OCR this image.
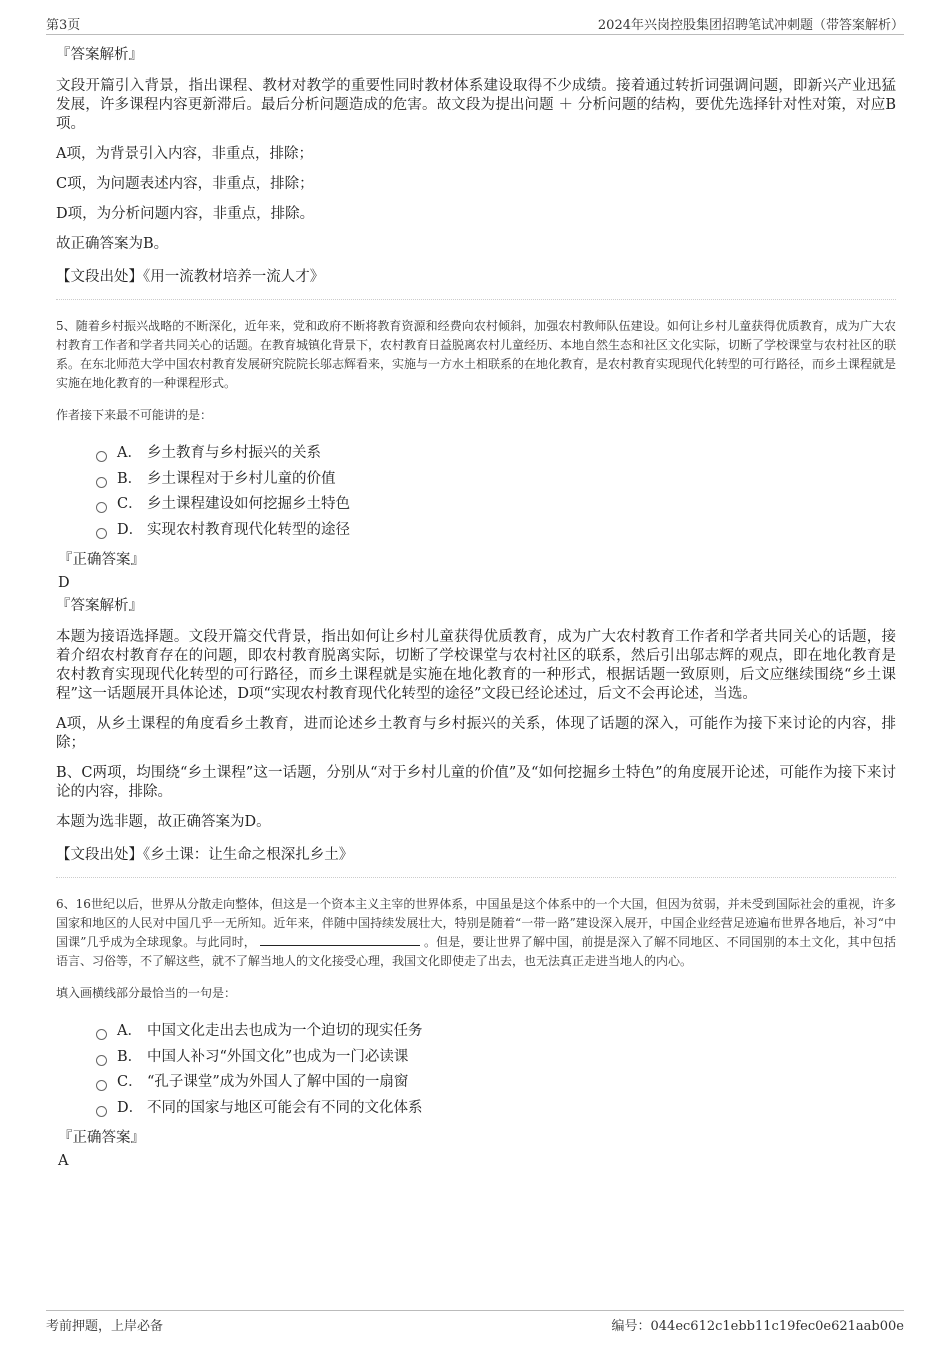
第3页	2024年兴岗控股集团招聘笔试冲刺题（带答案解析）

『答案解析』

文段开篇引入背景，指出课程、教材对教学的重要性同时教材体系建设取得不少成绩。接着通过转折词强调问题，即新兴产业迅猛发展，许多课程内容更新滞后。最后分析问题造成的危害。故文段为提出问题 ＋ 分析问题的结构，要优先选择针对性对策，对应B项。

A项，为背景引入内容，非重点，排除；

C项，为问题表述内容，非重点，排除；

D项，为分析问题内容，非重点，排除。

故正确答案为B。

【文段出处】《用一流教材培养一流人才》

5、随着乡村振兴战略的不断深化，近年来，党和政府不断将教育资源和经费向农村倾斜，加强农村教师队伍建设。如何让乡村儿童获得优质教育，成为广大农村教育工作者和学者共同关心的话题。在教育城镇化背景下，农村教育日益脱离农村儿童经历、本地自然生态和社区文化实际，切断了学校课堂与农村社区的联系。在东北师范大学中国农村教育发展研究院院长邬志辉看来，实施与一方水土相联系的在地化教育，是农村教育实现现代化转型的可行路径，而乡土课程就是实施在地化教育的一种课程形式。

作者接下来最不可能讲的是：

A． 乡土教育与乡村振兴的关系
B． 乡土课程对于乡村儿童的价值
C． 乡土课程建设如何挖掘乡土特色
D． 实现农村教育现代化转型的途径

『正确答案』

D

『答案解析』

本题为接语选择题。文段开篇交代背景，指出如何让乡村儿童获得优质教育，成为广大农村教育工作者和学者共同关心的话题，接着介绍农村教育存在的问题，即农村教育脱离实际，切断了学校课堂与农村社区的联系，然后引出邬志辉的观点，即在地化教育是农村教育实现现代化转型的可行路径，而乡土课程就是实施在地化教育的一种形式，根据话题一致原则，后文应继续围绕“乡土课程”这一话题展开具体论述，D项“实现农村教育现代化转型的途径”文段已经论述过，后文不会再论述，当选。

A项，从乡土课程的角度看乡土教育，进而论述乡土教育与乡村振兴的关系，体现了话题的深入，可能作为接下来讨论的内容，排除；

B、C两项，均围绕“乡土课程”这一话题，分别从“对于乡村儿童的价值”及“如何挖掘乡土特色”的角度展开论述，可能作为接下来讨论的内容，排除。

本题为选非题，故正确答案为D。

【文段出处】《乡土课：让生命之根深扎乡土》

6、16世纪以后，世界从分散走向整体，但这是一个资本主义主宰的世界体系，中国虽是这个体系中的一个大国，但因为贫弱，并未受到国际社会的重视，许多国家和地区的人民对中国几乎一无所知。近年来，伴随中国持续发展壮大，特别是随着“一带一路”建设深入展开，中国企业经营足迹遍布世界各地后，补习“中国课”几乎成为全球现象。与此同时，	。但是，要让世界了解中国，前提是深入了解不同地区、不同国别的本土文化，其中包括语言、习俗等，不了解这些，就不了解当地人的文化接受心理，我国文化即使走了出去，也无法真正走进当地人的内心。

填入画横线部分最恰当的一句是：

A． 中国文化走出去也成为一个迫切的现实任务
B． 中国人补习“外国文化”也成为一门必读课
C． “孔子课堂”成为外国人了解中国的一扇窗
D． 不同的国家与地区可能会有不同的文化体系

『正确答案』

A

考前押题，上岸必备	编号：044ec612c1ebb11c19fec0e621aab00e
